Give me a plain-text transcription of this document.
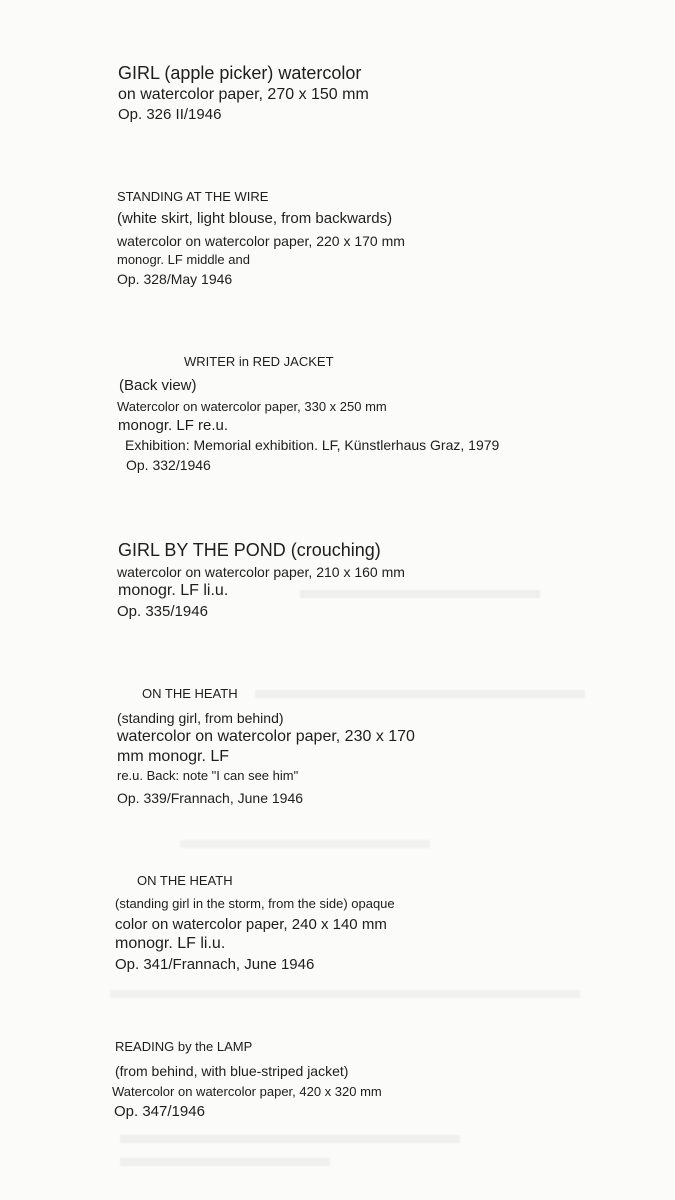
GIRL (apple picker) watercolor
on watercolor paper, 270 x 150 mm
Op. 326 II/1946
STANDING AT THE WIRE
(white skirt, light blouse, from backwards)
watercolor on watercolor paper, 220 x 170 mm
monogr. LF middle and
Op. 328/May 1946
WRITER in RED JACKET
(Back view)
Watercolor on watercolor paper, 330 x 250 mm
monogr. LF re.u.
Exhibition: Memorial exhibition. LF, Künstlerhaus Graz, 1979
Op. 332/1946
GIRL BY THE POND (crouching)
watercolor on watercolor paper, 210 x 160 mm
monogr. LF li.u.
Op. 335/1946
ON THE HEATH
(standing girl, from behind)
watercolor on watercolor paper, 230 x 170
mm monogr. LF
re.u. Back: note "I can see him"
Op. 339/Frannach, June 1946
ON THE HEATH
(standing girl in the storm, from the side) opaque
color on watercolor paper, 240 x 140 mm
monogr. LF li.u.
Op. 341/Frannach, June 1946
READING by the LAMP
(from behind, with blue-striped jacket)
Watercolor on watercolor paper, 420 x 320 mm
Op. 347/1946
